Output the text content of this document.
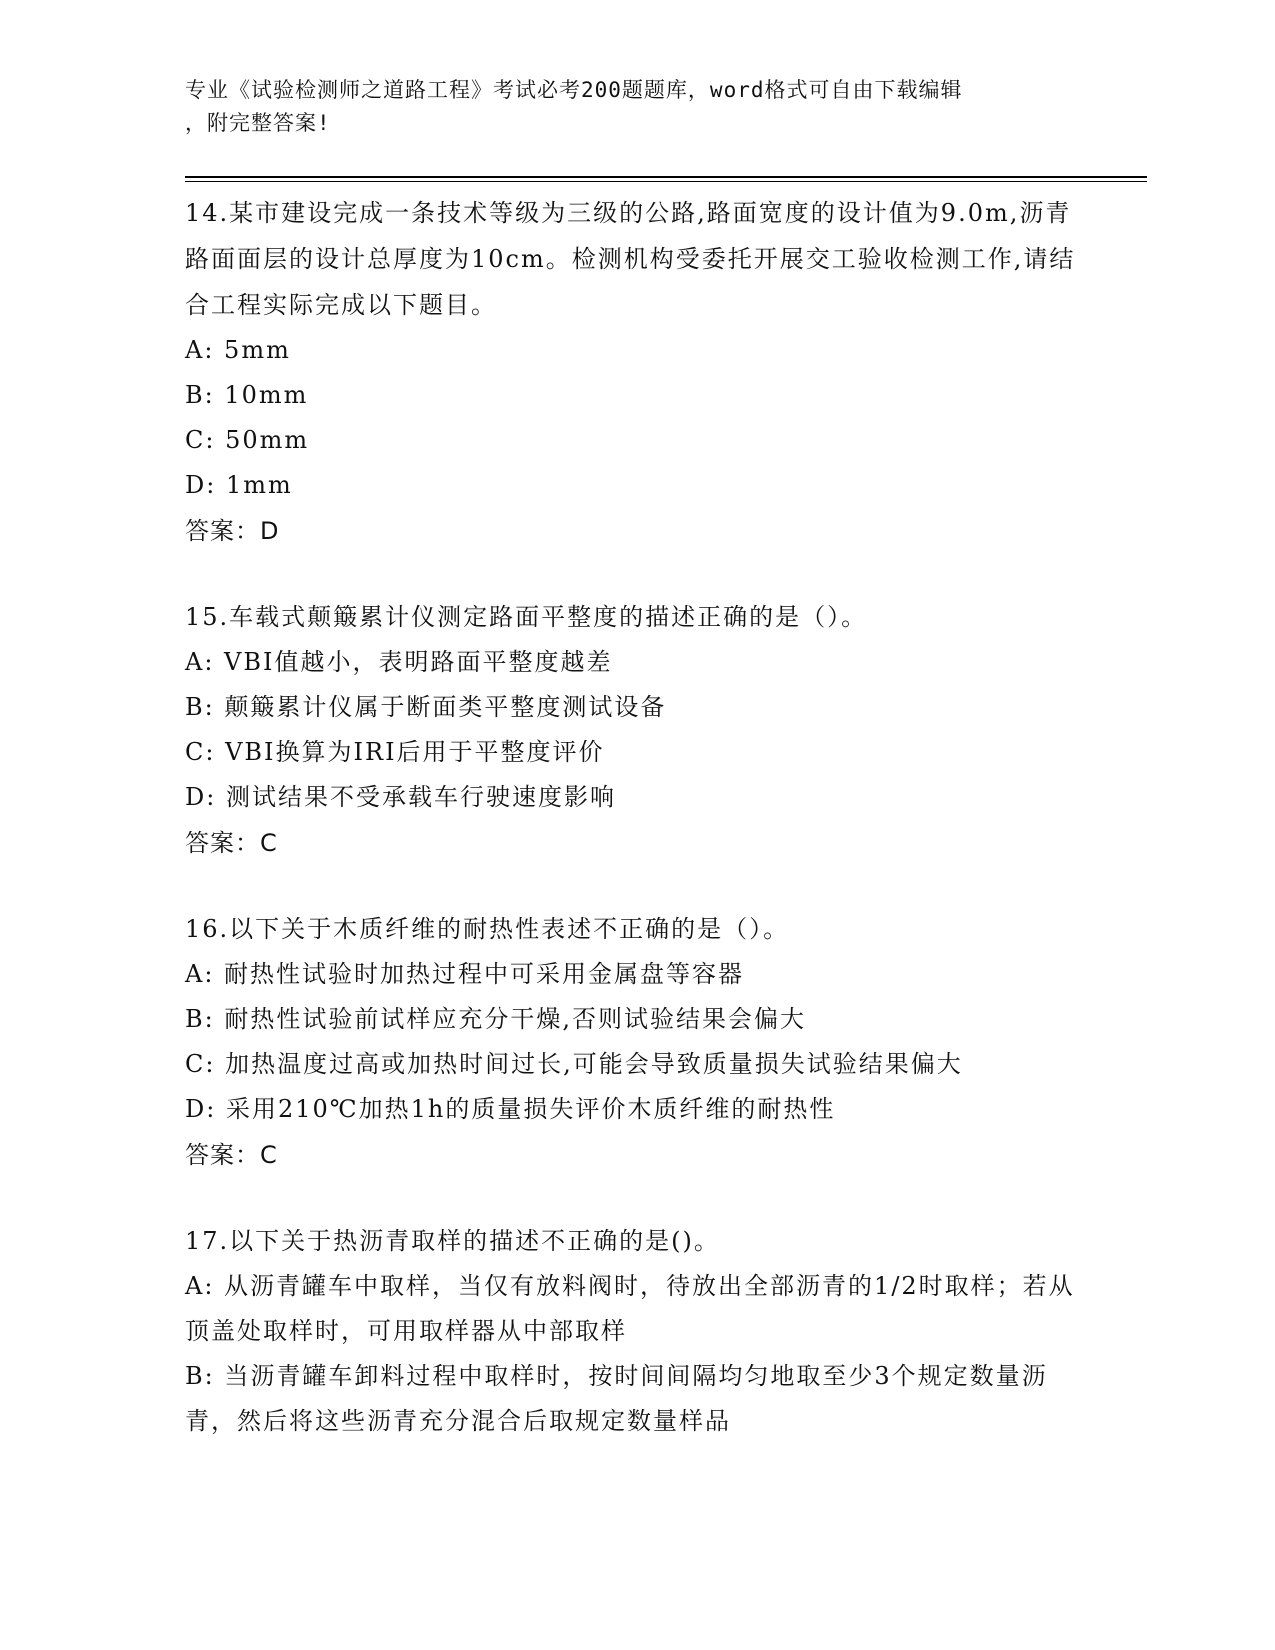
专业《试验检测师之道路工程》考试必考200题题库，word格式可自由下载编辑
，附完整答案!
14.某市建设完成一条技术等级为三级的公路,路面宽度的设计值为9.0m,沥青路面面层的设计总厚度为10cm。检测机构受委托开展交工验收检测工作,请结合工程实际完成以下题目。
A: 5mm
B: 10mm
C: 50mm
D: 1mm
答案：D
15.车载式颠簸累计仪测定路面平整度的描述正确的是（）。
A: VBI值越小，表明路面平整度越差
B: 颠簸累计仪属于断面类平整度测试设备
C: VBI换算为IRI后用于平整度评价
D: 测试结果不受承载车行驶速度影响
答案：C
16.以下关于木质纤维的耐热性表述不正确的是（）。
A: 耐热性试验时加热过程中可采用金属盘等容器
B: 耐热性试验前试样应充分干燥,否则试验结果会偏大
C: 加热温度过高或加热时间过长,可能会导致质量损失试验结果偏大
D: 采用210℃加热1h的质量损失评价木质纤维的耐热性
答案：C
17.以下关于热沥青取样的描述不正确的是()。
A: 从沥青罐车中取样，当仅有放料阀时，待放出全部沥青的1/2时取样；若从顶盖处取样时，可用取样器从中部取样
B: 当沥青罐车卸料过程中取样时，按时间间隔均匀地取至少3个规定数量沥青，然后将这些沥青充分混合后取规定数量样品
